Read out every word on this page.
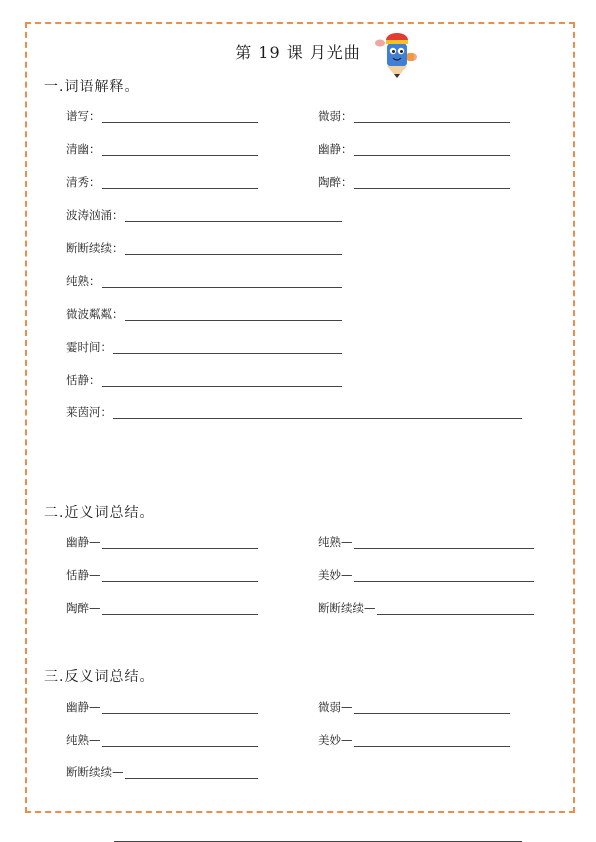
第 19 课 月光曲
一.词语解释。
谱写：	微弱：
清幽：	幽静：
清秀：	陶醉：
波涛汹涌：
断断续续：
纯熟：
微波粼粼：
霎时间：
恬静：
莱茵河：
二.近义词总结。
幽静—	纯熟—
恬静—	美妙—
陶醉—	断断续续—
三.反义词总结。
幽静—	微弱—
纯熟—	美妙—
断断续续—
